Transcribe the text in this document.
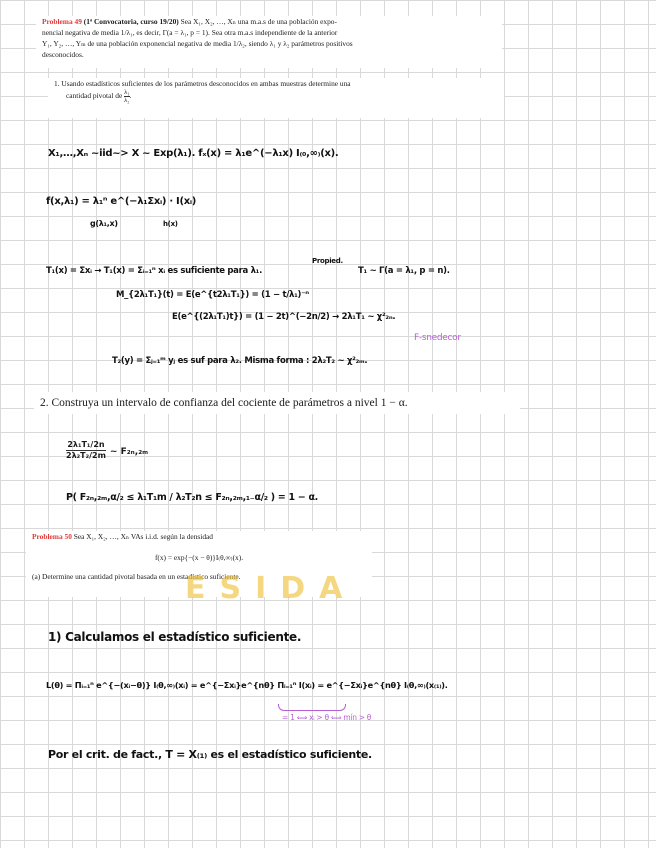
Problema 49 (1ª Convocatoria, curso 19/20) Sea X₁, X₂, …, Xₙ una m.a.s de una población expo-
nencial negativa de media 1/λ₁, es decir, Γ(a = λ₁, p = 1). Sea otra m.a.s independiente de la anterior
Y₁, Y₂, …, Yₘ de una población exponencial negativa de media 1/λ₂, siendo λ₁ y λ₂ parámetros positivos
desconocidos.
1. Usando estadísticos suficientes de los parámetros desconocidos en ambas muestras determine una
cantidad pivotal de $\frac{\text{λ₁}}{\text{λ₂}}$ .
X₁,…,Xₙ ~iid~> X ~ Exp(λ₁). fₓ(x) = λ₁e^(−λ₁x) I₍₀,∞₎(x).
f(x,λ₁) = λ₁ⁿ e^(−λ₁Σxᵢ) · I(xᵢ)
g(λ₁,x)	h(x)
T₁(x) = Σxᵢ → T₁(x) = Σᵢ₌₁ⁿ xᵢ es suficiente para λ₁.
Propied.
T₁ ~ Γ(a = λ₁, p = n).
M_{2λ₁T₁}(t) = E(e^{t2λ₁T₁}) = (1 − t/λ₁)⁻ⁿ
E(e^{(2λ₁T₁)t}) = (1 − 2t)^(−2n/2) → 2λ₁T₁ ~ χ²₂ₙ.
F-snedecor
T₂(y) = Σⱼ₌₁ᵐ yⱼ es suf para λ₂. Misma forma : 2λ₂T₂ ~ χ²₂ₘ.
2. Construya un intervalo de confianza del cociente de parámetros a nivel 1 − α.
$\frac{\text{2λ₁T₁/2n}}{\text{2λ₂T₂/2m}}$ ~ F₂ₙ,₂ₘ
P( F₂ₙ,₂ₘ,α/₂ ≤ λ₁T₁m / λ₂T₂n ≤ F₂ₙ,₂ₘ,₁₋α/₂ ) = 1 − α.
Problema 50 Sea X₁, X₂, …, Xₙ VAs i.i.d. según la densidad
f(x) = exp{−(x − θ)}I₍θ,∞₎(x).
(a) Determine una cantidad pivotal basada en un estadístico suficiente.
ESIDA
1) Calculamos el estadístico suficiente.
L(θ) = Πᵢ₌₁ⁿ e^{−(xᵢ−θ)} I₍θ,∞₎(xᵢ) = e^{−Σxᵢ}e^{nθ} Πᵢ₌₁ⁿ I(xᵢ) = e^{−Σxᵢ}e^{nθ} I₍θ,∞₎(x₍₁₎).
= 1 ⟺ xᵢ > θ ⟺ mín > θ
Por el crit. de fact., T = X₍₁₎ es el estadístico suficiente.
